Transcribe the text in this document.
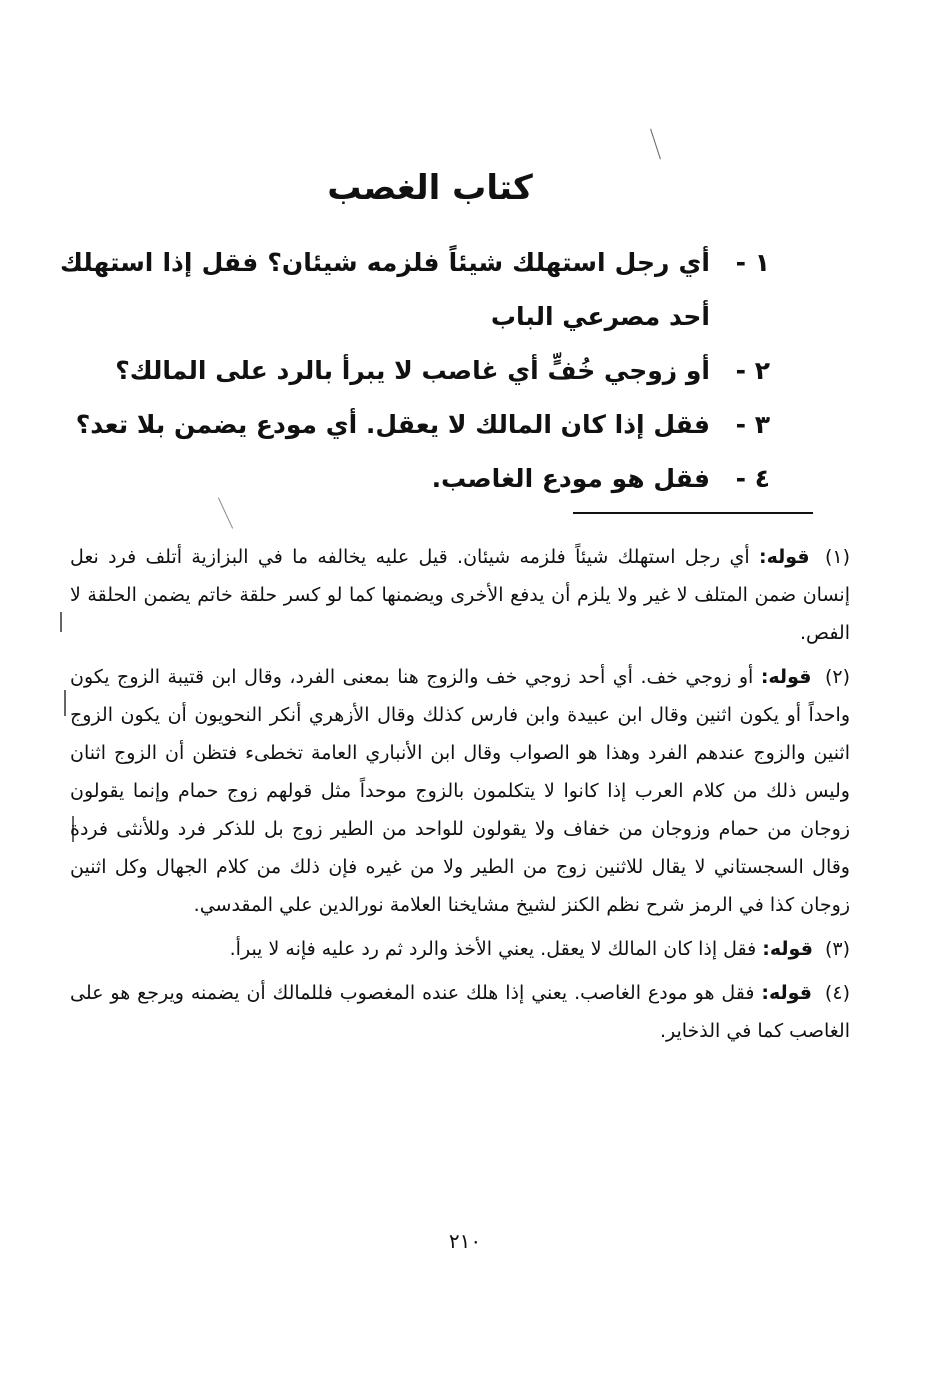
كتاب الغصب
١ -
أي رجل استهلك شيئاً فلزمه شيئان؟ فقل إذا استهلك أحد مصرعي الباب
٢ -
أو زوجي خُفٍّ أي غاصب لا يبرأ بالرد على المالك؟
٣ -
فقل إذا كان المالك لا يعقل. أي مودع يضمن بلا تعد؟
٤ -
فقل هو مودع الغاصب.

(١) قوله: أي رجل استهلك شيئاً فلزمه شيئان. قيل عليه يخالفه ما في البزازية أتلف فرد نعل إنسان ضمن المتلف لا غير ولا يلزم أن يدفع الأخرى ويضمنها كما لو كسر حلقة خاتم يضمن الحلقة لا الفص.

(٢) قوله: أو زوجي خف. أي أحد زوجي خف والزوج هنا بمعنى الفرد، وقال ابن قتيبة الزوج يكون واحداً أو يكون اثنين وقال ابن عبيدة وابن فارس كذلك وقال الأزهري أنكر النحويون أن يكون الزوج اثنين والزوج عندهم الفرد وهذا هو الصواب وقال ابن الأنباري العامة تخطىء فتظن أن الزوج اثنان وليس ذلك من كلام العرب إذا كانوا لا يتكلمون بالزوج موحداً مثل قولهم زوج حمام وإنما يقولون زوجان من حمام وزوجان من خفاف ولا يقولون للواحد من الطير زوج بل للذكر فرد وللأنثى فردة وقال السجستاني لا يقال للاثنين زوج من الطير ولا من غيره فإن ذلك من كلام الجهال وكل اثنين زوجان كذا في الرمز شرح نظم الكنز لشيخ مشايخنا العلامة نورالدين علي المقدسي.

(٣) قوله: فقل إذا كان المالك لا يعقل. يعني الأخذ والرد ثم رد عليه فإنه لا يبرأ.

(٤) قوله: فقل هو مودع الغاصب. يعني إذا هلك عنده المغصوب فللمالك أن يضمنه ويرجع هو على الغاصب كما في الذخاير.

٢١٠
